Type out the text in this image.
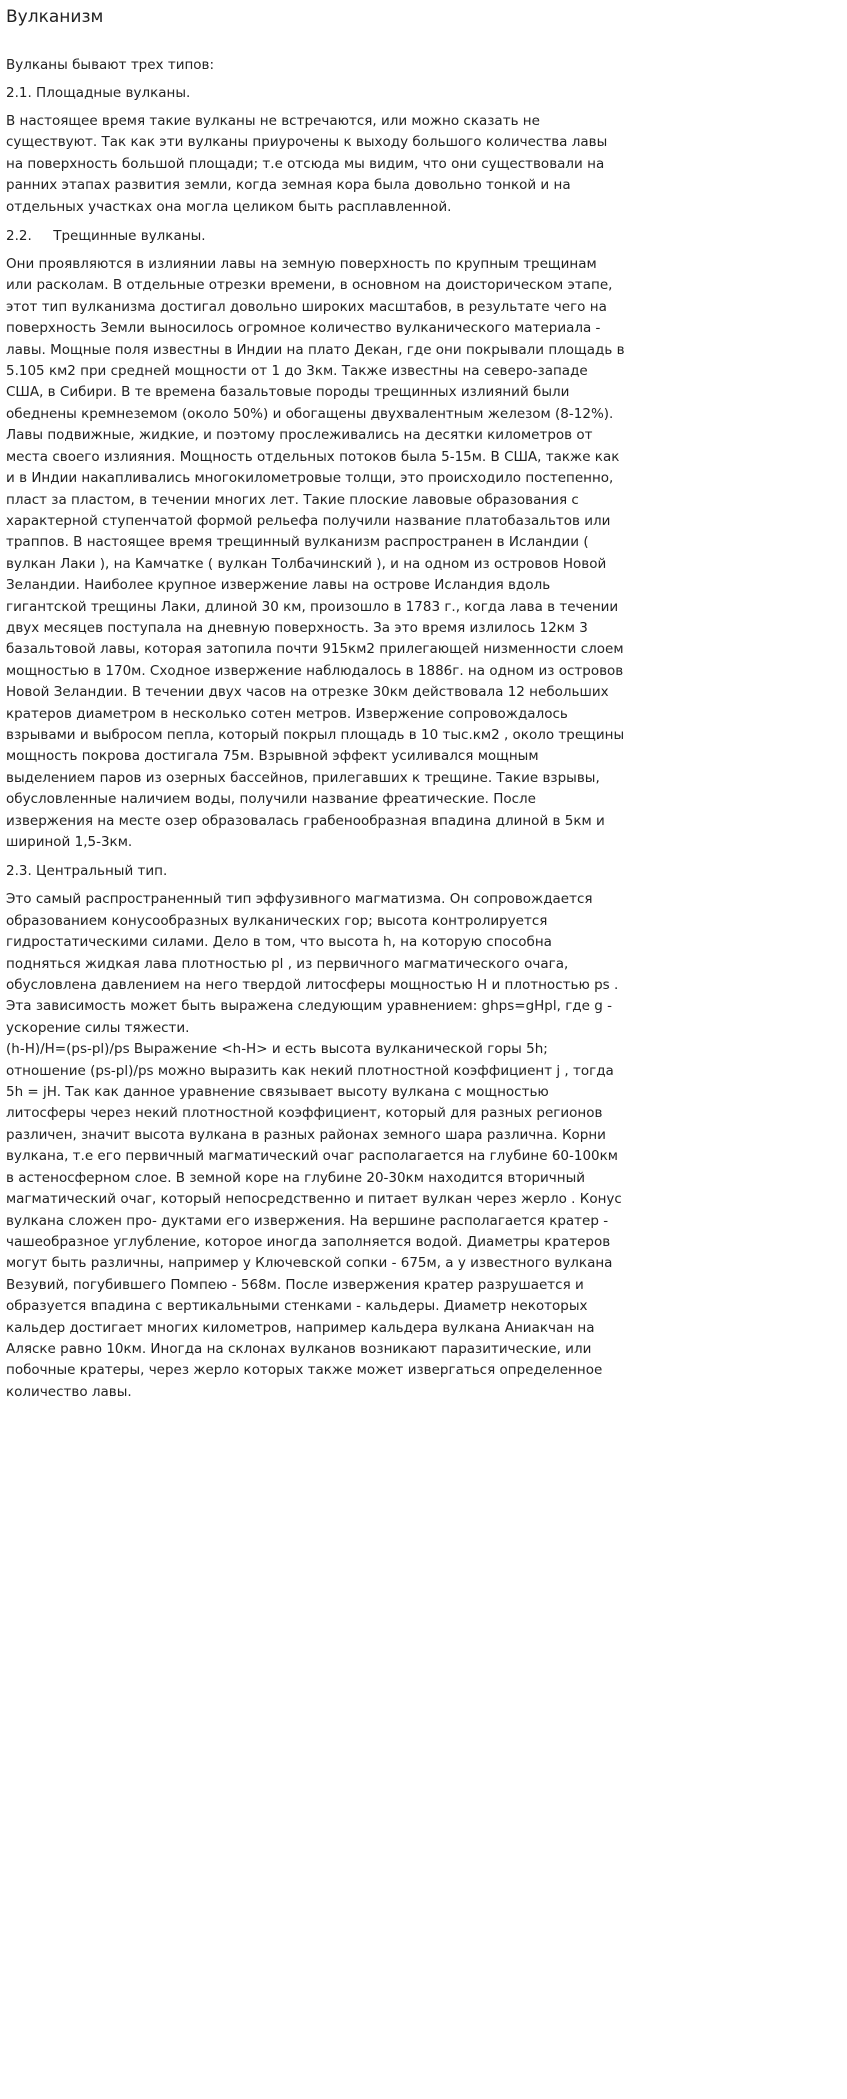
Вулканизм

Вулканы бывают трех типов:

2.1. Площадные вулканы.

В настоящее время такие вулканы не встречаются, или можно сказать не существуют. Так как эти вулканы приурочены к выходу большого количества лавы на поверхность большой площади; т.е отсюда мы видим, что они существовали на ранних этапах развития земли, когда земная кора была довольно тонкой и на отдельных участках она могла целиком быть расплавленной.

2.2.     Трещинные вулканы.

Они проявляются в излиянии лавы на земную поверхность по крупным трещинам или расколам. В отдельные отрезки времени, в основном на доисторическом этапе, этот тип вулканизма достигал довольно широких масштабов, в результате чего на поверхность Земли выносилось огромное количество вулканического материала - лавы. Мощные поля известны в Индии на плато Декан, где они покрывали площадь в 5.105 км2 при средней мощности от 1 до 3км. Также известны на северо-западе США, в Сибири. В те времена базальтовые породы трещинных излияний были обеднены кремнеземом (около 50%) и обогащены двухвалентным железом (8-12%). Лавы подвижные, жидкие, и поэтому прослеживались на десятки километров от места своего излияния. Мощность отдельных потоков была 5-15м. В США, также как и в Индии накапливались многокилометровые толщи, это происходило постепенно, пласт за пластом, в течении многих лет. Такие плоские лавовые образования с характерной ступенчатой формой рельефа получили название платобазальтов или траппов. В настоящее время трещинный вулканизм распространен в Исландии ( вулкан Лаки ), на Камчатке ( вулкан Толбачинский ), и на одном из островов Новой Зеландии. Наиболее крупное извержение лавы на острове Исландия вдоль гигантской трещины Лаки, длиной 30 км, произошло в 1783 г., когда лава в течении двух месяцев поступала на дневную поверхность. За это время излилось 12км 3 базальтовой лавы, которая затопила почти 915км2 прилегающей низменности слоем мощностью в 170м. Сходное извержение наблюдалось в 1886г. на одном из островов Новой Зеландии. В течении двух часов на отрезке 30км действовала 12 небольших кратеров диаметром в несколько сотен метров. Извержение сопровождалось взрывами и выбросом пепла, который покрыл площадь в 10 тыс.км2 , около трещины мощность покрова достигала 75м. Взрывной эффект усиливался мощным выделением паров из озерных бассейнов, прилегавших к трещине. Такие взрывы, обусловленные наличием воды, получили название фреатические. После извержения на месте озер образовалась грабенообразная впадина длиной в 5км и шириной 1,5-3км.

2.3. Центральный тип.

Это самый распространенный тип эффузивного магматизма. Он сопровождается образованием конусообразных вулканических гор; высота контролируется гидростатическими силами. Дело в том, что высота h, на которую способна подняться жидкая лава плотностью pl , из первичного магматического очага, обусловлена давлением на него твердой литосферы мощностью H и плотностью ps . Эта зависимость может быть выражена следующим уравнением: ghps=gHpl, где g - ускорение силы тяжести.

(h-H)/H=(ps-pl)/ps Выражение <h-H> и есть высота вулканической горы 5h; отношение (ps-pl)/ps можно выразить как некий плотностной коэффициент j , тогда 5h = jH. Так как данное уравнение связывает высоту вулкана с мощностью литосферы через некий плотностной коэффициент, который для разных регионов различен, значит высота вулкана в разных районах земного шара различна. Корни вулкана, т.е его первичный магматический очаг располагается на глубине 60-100км в астеносферном слое. В земной коре на глубине 20-30км находится вторичный магматический очаг, который непосредственно и питает вулкан через жерло . Конус вулкана сложен про- дуктами его извержения. На вершине располагается кратер - чашеобразное углубление, которое иногда заполняется водой. Диаметры кратеров могут быть различны, например у Ключевской сопки - 675м, а у известного вулкана Везувий, погубившего Помпею - 568м. После извержения кратер разрушается и образуется впадина с вертикальными стенками - кальдеры. Диаметр некоторых кальдер достигает многих километров, например кальдера вулкана Аниакчан на Аляске равно 10км. Иногда на склонах вулканов возникают паразитические, или побочные кратеры, через жерло которых также может извергаться определенное количество лавы.
